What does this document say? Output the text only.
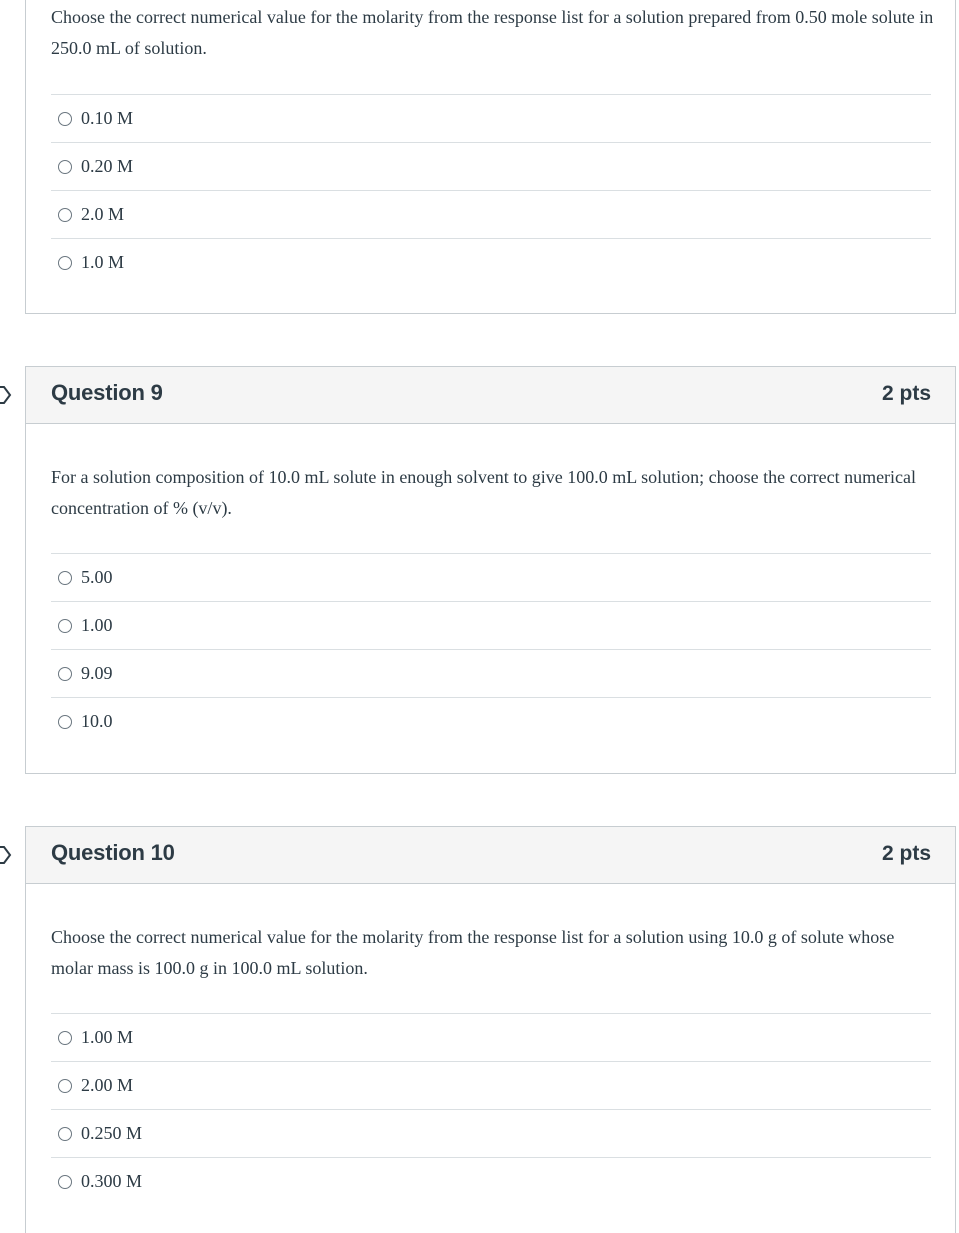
Choose the correct numerical value for the molarity from the response list for a solution prepared from 0.50 mole solute in 250.0 mL of solution.
0.10 M
0.20 M
2.0 M
1.0 M
Question 9	2 pts
For a solution composition of 10.0 mL solute in enough solvent to give 100.0 mL solution; choose the correct numerical concentration of % (v/v).
5.00
1.00
9.09
10.0
Question 10	2 pts
Choose the correct numerical value for the molarity from the response list for a solution using 10.0 g of solute whose molar mass is 100.0 g in 100.0 mL solution.
1.00 M
2.00 M
0.250 M
0.300 M
